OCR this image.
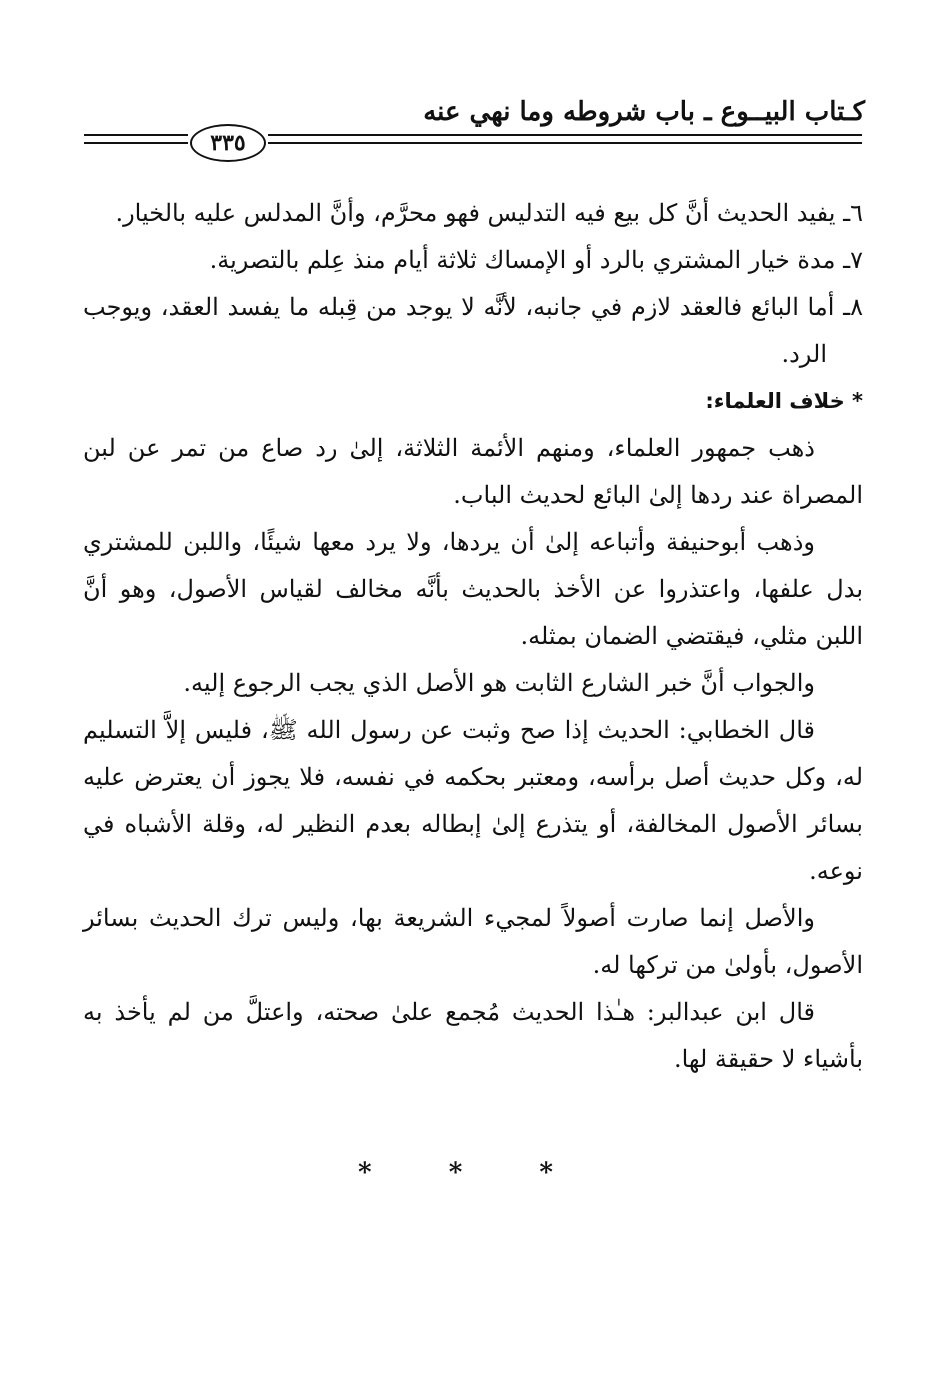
كـتاب البيــوع ـ باب شروطه وما نهي عنه
٣٣٥

٦ـ يفيد الحديث أنَّ كل بيع فيه التدليس فهو محرَّم، وأنَّ المدلس عليه بالخيار.

٧ـ مدة خيار المشتري بالرد أو الإمساك ثلاثة أيام منذ عِلم بالتصرية.

٨ـ أما البائع فالعقد لازم في جانبه، لأنَّه لا يوجد من قِبله ما يفسد العقد، ويوجب الرد.

* خلاف العلماء:

ذهب جمهور العلماء، ومنهم الأئمة الثلاثة، إلىٰ رد صاع من تمر عن لبن المصراة عند ردها إلىٰ البائع لحديث الباب.

وذهب أبوحنيفة وأتباعه إلىٰ أن يردها، ولا يرد معها شيئًا، واللبن للمشتري بدل علفها، واعتذروا عن الأخذ بالحديث بأنَّه مخالف لقياس الأصول، وهو أنَّ اللبن مثلي، فيقتضي الضمان بمثله.

والجواب أنَّ خبر الشارع الثابت هو الأصل الذي يجب الرجوع إليه.

قال الخطابي: الحديث إذا صح وثبت عن رسول الله ﷺ، فليس إلاَّ التسليم له، وكل حديث أصل برأسه، ومعتبر بحكمه في نفسه، فلا يجوز أن يعترض عليه بسائر الأصول المخالفة، أو يتذرع إلىٰ إبطاله بعدم النظير له، وقلة الأشباه في نوعه.

والأصل إنما صارت أصولاً لمجيء الشريعة بها، وليس ترك الحديث بسائر الأصول، بأولىٰ من تركها له.

قال ابن عبدالبر: هـٰذا الحديث مُجمع علىٰ صحته، واعتلَّ من لم يأخذ به بأشياء لا حقيقة لها.

* * *
